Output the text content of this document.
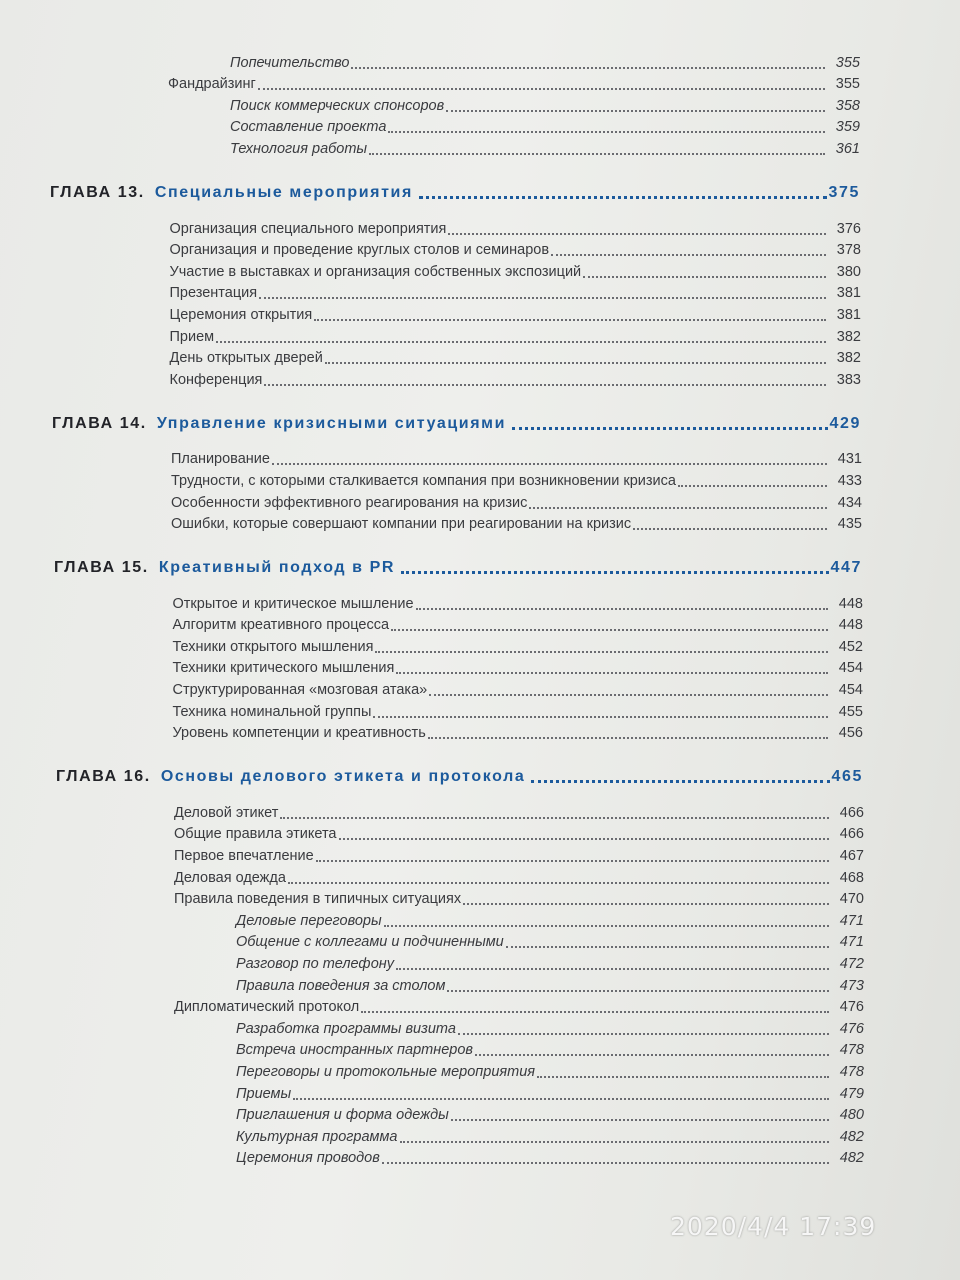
Попечительство	355
Фандрайзинг	355
Поиск коммерческих спонсоров	358
Составление проекта	359
Технология работы	361
ГЛАВА 13. Специальные мероприятия	375
Организация специального мероприятия	376
Организация и проведение круглых столов и семинаров	378
Участие в выставках и организация собственных экспозиций	380
Презентация	381
Церемония открытия	381
Прием	382
День открытых дверей	382
Конференция	383
ГЛАВА 14. Управление кризисными ситуациями	429
Планирование	431
Трудности, с которыми сталкивается компания при возникновении кризиса	433
Особенности эффективного реагирования на кризис	434
Ошибки, которые совершают компании при реагировании на кризис	435
ГЛАВА 15. Креативный подход в PR	447
Открытое и критическое мышление	448
Алгоритм креативного процесса	448
Техники открытого мышления	452
Техники критического мышления	454
Структурированная «мозговая атака»	454
Техника номинальной группы	455
Уровень компетенции и креативность	456
ГЛАВА 16. Основы делового этикета и протокола	465
Деловой этикет	466
Общие правила этикета	466
Первое впечатление	467
Деловая одежда	468
Правила поведения в типичных ситуациях	470
Деловые переговоры	471
Общение с коллегами и подчиненными	471
Разговор по телефону	472
Правила поведения за столом	473
Дипломатический протокол	476
Разработка программы визита	476
Встреча иностранных партнеров	478
Переговоры и протокольные мероприятия	478
Приемы	479
Приглашения и форма одежды	480
Культурная программа	482
Церемония проводов	482
2020/4/4 17:39
